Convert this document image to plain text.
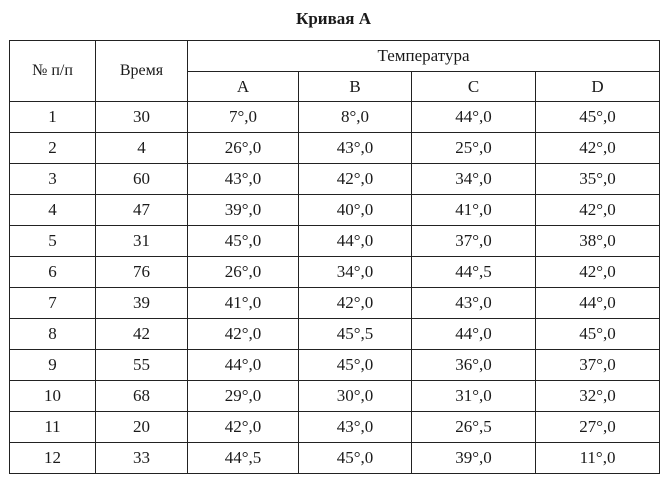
Кривая А
№ п/п	Время	Температура			
		A	B	C	D
1	30	7°,0	8°,0	44°,0	45°,0
2	4	26°,0	43°,0	25°,0	42°,0
3	60	43°,0	42°,0	34°,0	35°,0
4	47	39°,0	40°,0	41°,0	42°,0
5	31	45°,0	44°,0	37°,0	38°,0
6	76	26°,0	34°,0	44°,5	42°,0
7	39	41°,0	42°,0	43°,0	44°,0
8	42	42°,0	45°,5	44°,0	45°,0
9	55	44°,0	45°,0	36°,0	37°,0
10	68	29°,0	30°,0	31°,0	32°,0
11	20	42°,0	43°,0	26°,5	27°,0
12	33	44°,5	45°,0	39°,0	11°,0
